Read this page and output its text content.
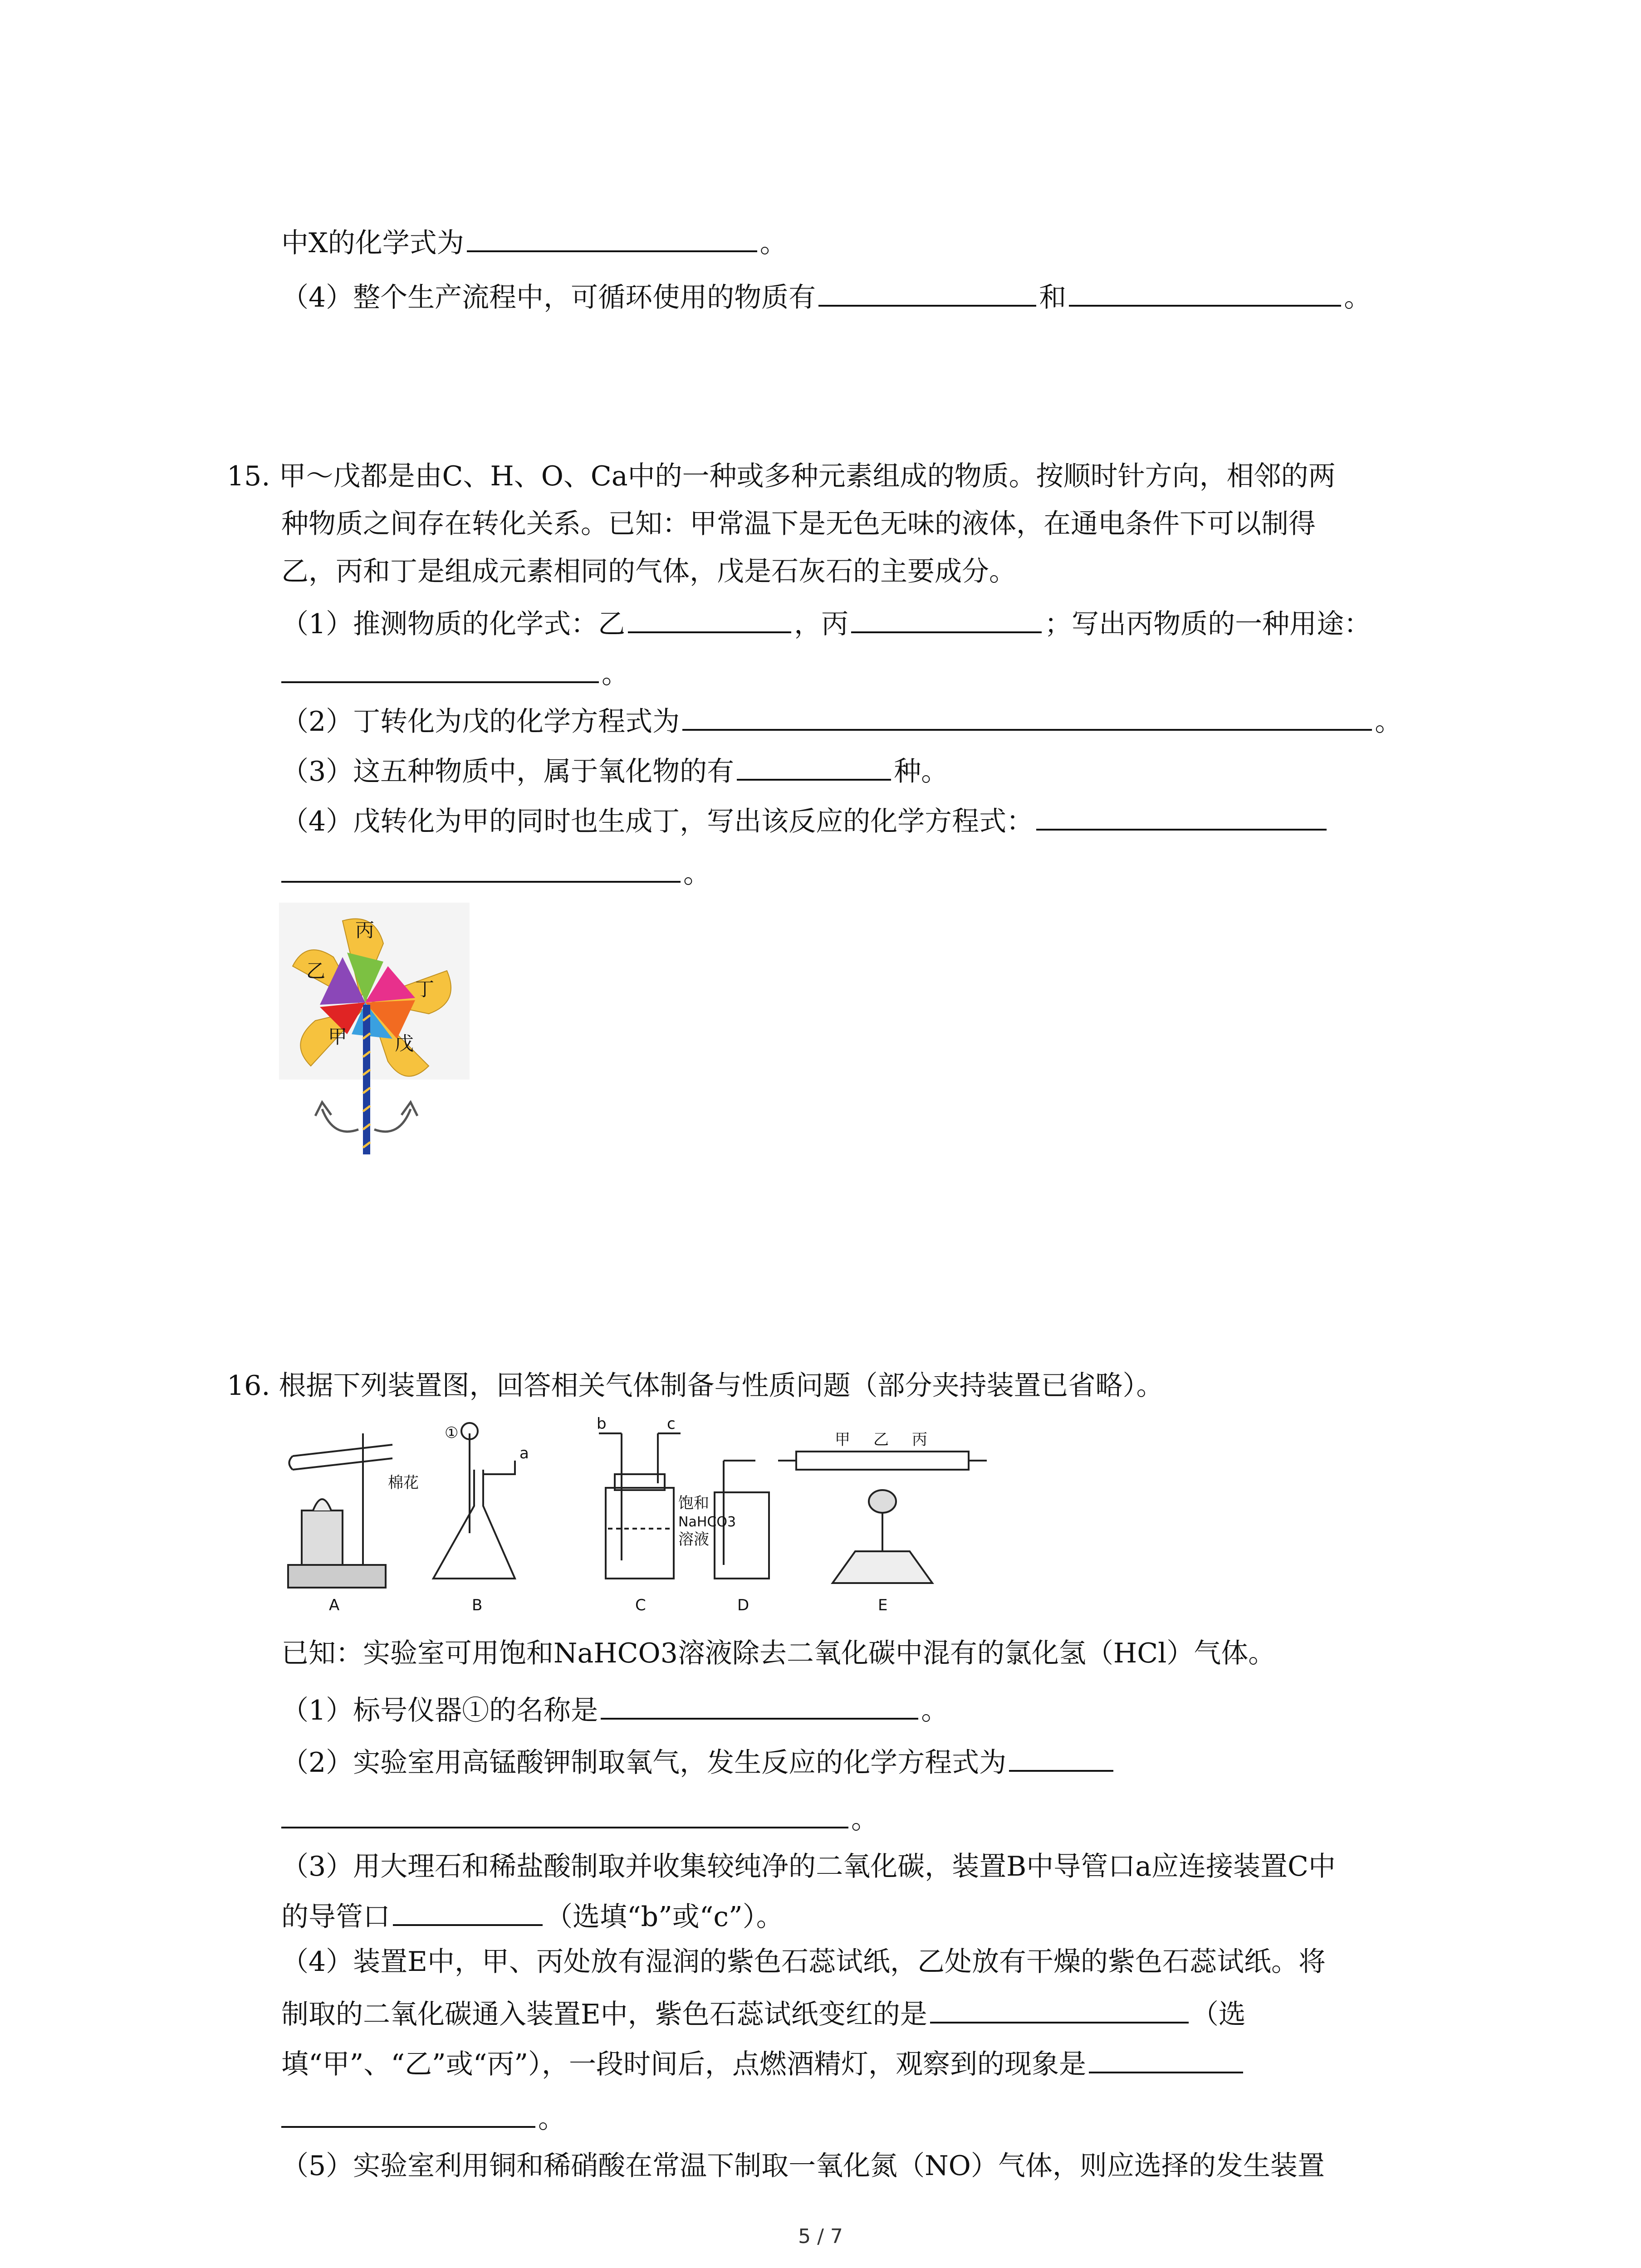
中X的化学式为	。
（4）整个生产流程中，可循环使用的物质有	和	。
15. 甲～戊都是由C、H、O、Ca中的一种或多种元素组成的物质。按顺时针方向，相邻的两
种物质之间存在转化关系。已知：甲常温下是无色无味的液体，在通电条件下可以制得
乙，丙和丁是组成元素相同的气体，戊是石灰石的主要成分。
（1）推测物质的化学式：乙	，丙	；写出丙物质的一种用途：
。
（2）丁转化为戊的化学方程式为	。
（3）这五种物质中，属于氧化物的有	种。
（4）戊转化为甲的同时也生成丁，写出该反应的化学方程式：
。
丙
丁
戊
甲
乙
16. 根据下列装置图，回答相关气体制备与性质问题（部分夹持装置已省略）。
棉花
①
a
b	c
饱和
NaHCO3
溶液
甲 乙 丙
A	B	C	D	E
已知：实验室可用饱和NaHCO3溶液除去二氧化碳中混有的氯化氢（HCl）气体。
（1）标号仪器①的名称是	。
（2）实验室用高锰酸钾制取氧气，发生反应的化学方程式为
。
（3）用大理石和稀盐酸制取并收集较纯净的二氧化碳，装置B中导管口a应连接装置C中
的导管口	（选填“b”或“c”）。
（4）装置E中，甲、丙处放有湿润的紫色石蕊试纸，乙处放有干燥的紫色石蕊试纸。将
制取的二氧化碳通入装置E中，紫色石蕊试纸变红的是	（选
填“甲”、“乙”或“丙”），一段时间后，点燃酒精灯，观察到的现象是
。
（5）实验室利用铜和稀硝酸在常温下制取一氧化氮（NO）气体，则应选择的发生装置
5 / 7
